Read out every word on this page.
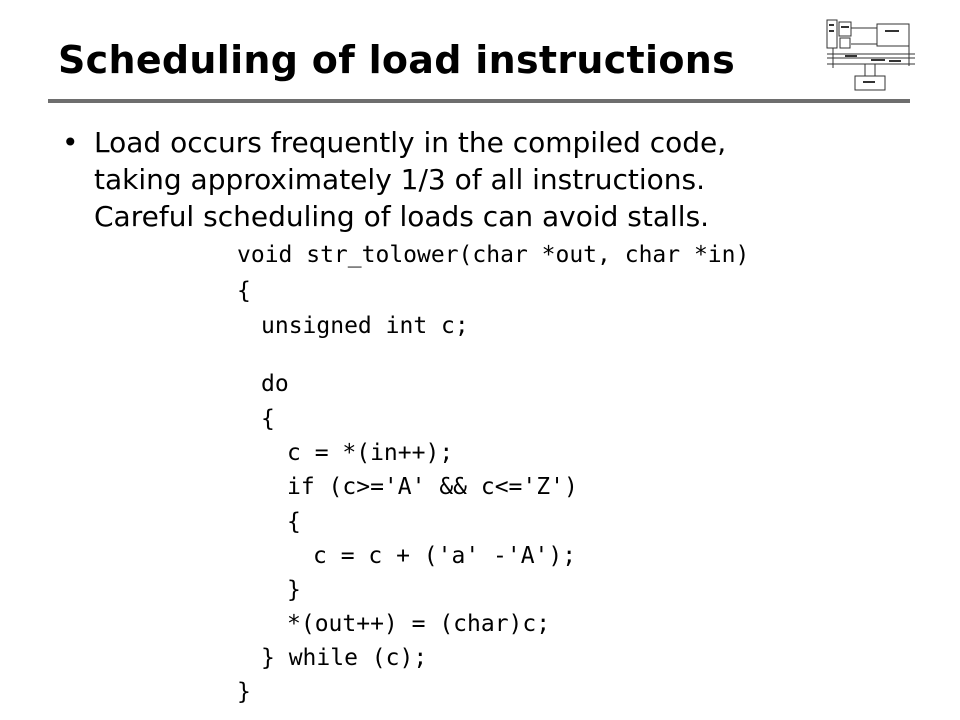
Scheduling of load instructions
• Load occurs frequently in the compiled code,
taking approximately 1/3 of all instructions.
Careful scheduling of loads can avoid stalls.
void str_tolower(char *out, char *in)
{
unsigned int c;
do
{
c = *(in++);
if (c>='A' && c<='Z')
{
c = c + ('a' -'A');
}
*(out++) = (char)c;
} while (c);
}
